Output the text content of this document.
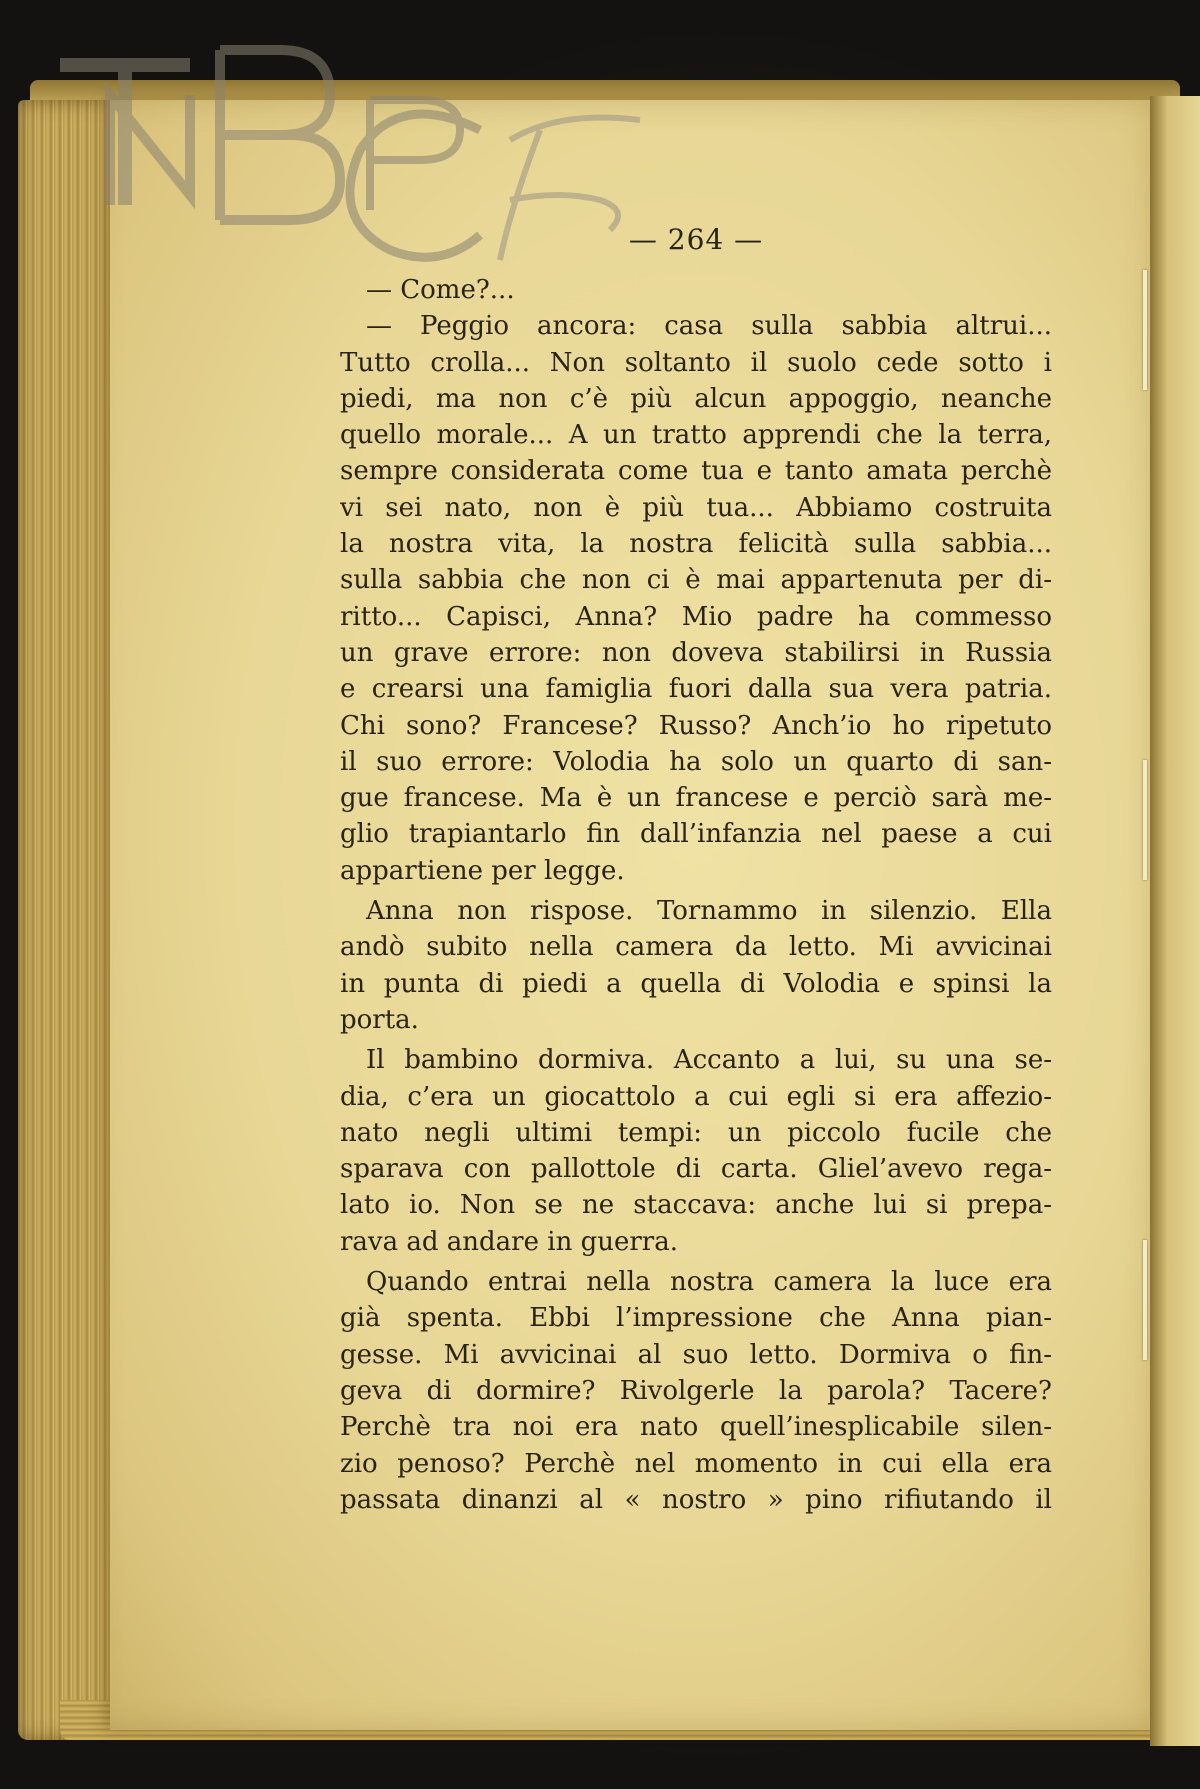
— 264 —
— Come?...
— Peggio ancora: casa sulla sabbia altrui...
Tutto crolla... Non soltanto il suolo cede sotto i
piedi, ma non c’è più alcun appoggio, neanche
quello morale... A un tratto apprendi che la terra,
sempre considerata come tua e tanto amata perchè
vi sei nato, non è più tua... Abbiamo costruita
la nostra vita, la nostra felicità sulla sabbia...
sulla sabbia che non ci è mai appartenuta per di-
ritto... Capisci, Anna? Mio padre ha commesso
un grave errore: non doveva stabilirsi in Russia
e crearsi una famiglia fuori dalla sua vera patria.
Chi sono? Francese? Russo? Anch’io ho ripetuto
il suo errore: Volodia ha solo un quarto di san-
gue francese. Ma è un francese e perciò sarà me-
glio trapiantarlo fin dall’infanzia nel paese a cui
appartiene per legge.
Anna non rispose. Tornammo in silenzio. Ella
andò subito nella camera da letto. Mi avvicinai
in punta di piedi a quella di Volodia e spinsi la
porta.
Il bambino dormiva. Accanto a lui, su una se-
dia, c’era un giocattolo a cui egli si era affezio-
nato negli ultimi tempi: un piccolo fucile che
sparava con pallottole di carta. Gliel’avevo rega-
lato io. Non se ne staccava: anche lui si prepa-
rava ad andare in guerra.
Quando entrai nella nostra camera la luce era
già spenta. Ebbi l’impressione che Anna pian-
gesse. Mi avvicinai al suo letto. Dormiva o fin-
geva di dormire? Rivolgerle la parola? Tacere?
Perchè tra noi era nato quell’inesplicabile silen-
zio penoso? Perchè nel momento in cui ella era
passata dinanzi al « nostro » pino rifiutando il
